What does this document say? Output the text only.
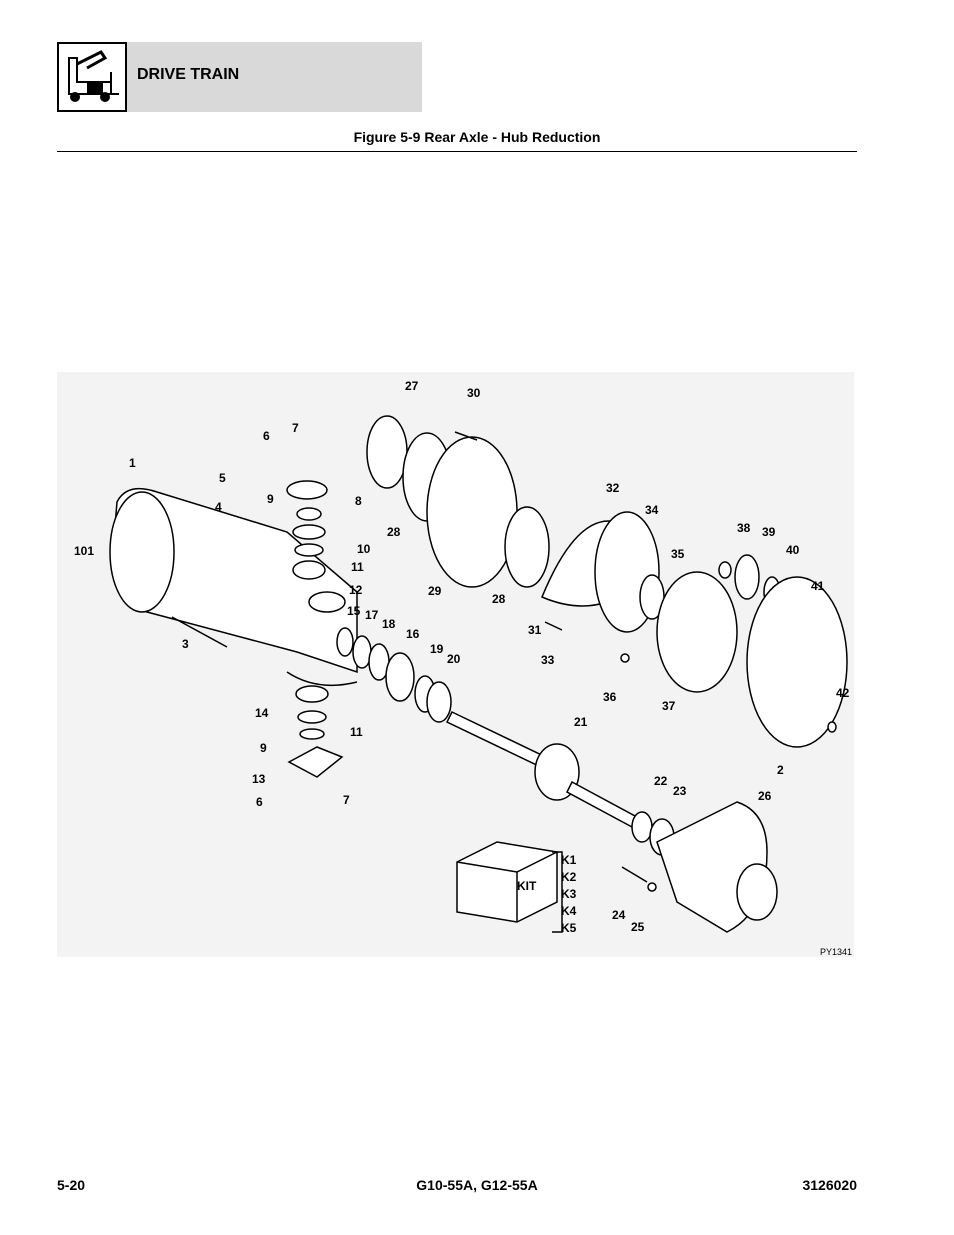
DRIVE TRAIN
Figure 5-9 Rear Axle - Hub Reduction
KIT
1
2
3
4
5
6
7
8
9
10
11
12
13
14
15
16
17
18
19
20
21
22
23
24
25
26
27
28
29
30
31
32
33
34
35
36
37
38 39
40
41
42
101
6	7
9
11
28
K1
K2
K3
K4
K5
PY1341
5-20	G10-55A, G12-55A	3126020
